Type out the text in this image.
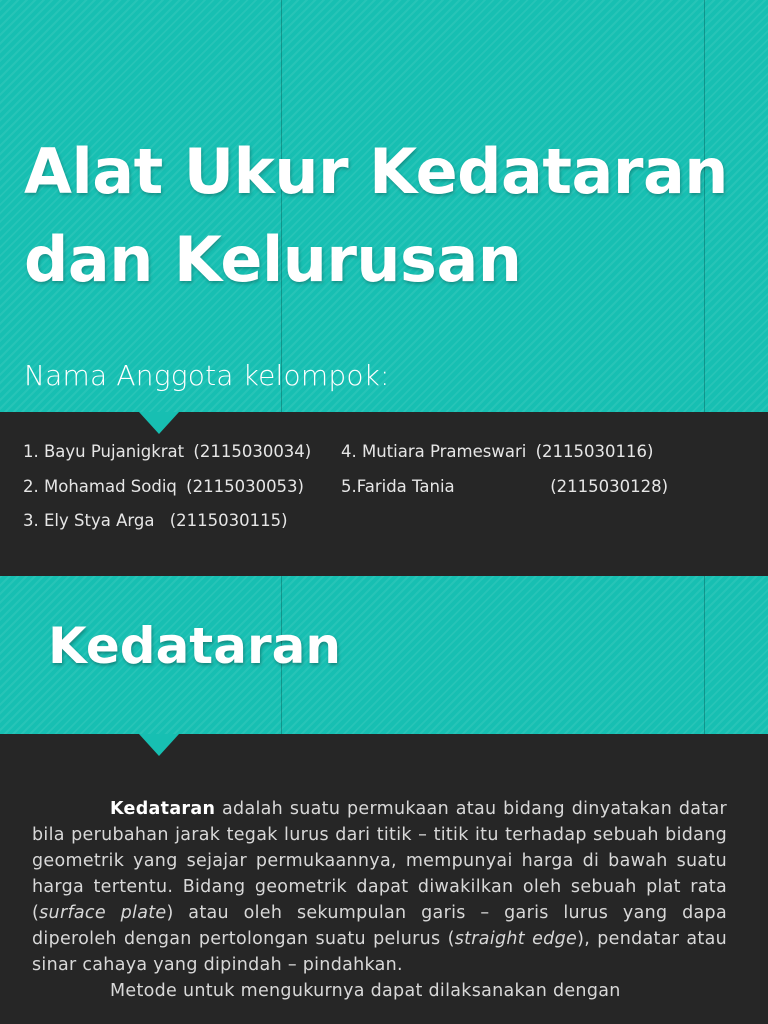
Alat Ukur Kedataran
dan Kelurusan
Nama Anggota kelompok:
1. Bayu Pujanigkrat (2115030034)
2. Mohamad Sodiq (2115030053)
3. Ely Stya Arga (2115030115)
4. Mutiara Prameswari (2115030116)
5.Farida Tania	(2115030128)
Kedataran

Kedataran adalah suatu permukaan atau bidang dinyatakan datar bila perubahan jarak tegak lurus dari titik – titik itu terhadap sebuah bidang geometrik yang sejajar permukaannya, mempunyai harga di bawah suatu harga tertentu. Bidang geometrik dapat diwakilkan oleh sebuah plat rata (surface plate) atau oleh sekumpulan garis – garis lurus yang dapa diperoleh dengan pertolongan suatu pelurus (straight edge), pendatar atau sinar cahaya yang dipindah – pindahkan.

Metode untuk mengukurnya dapat dilaksanakan dengan
